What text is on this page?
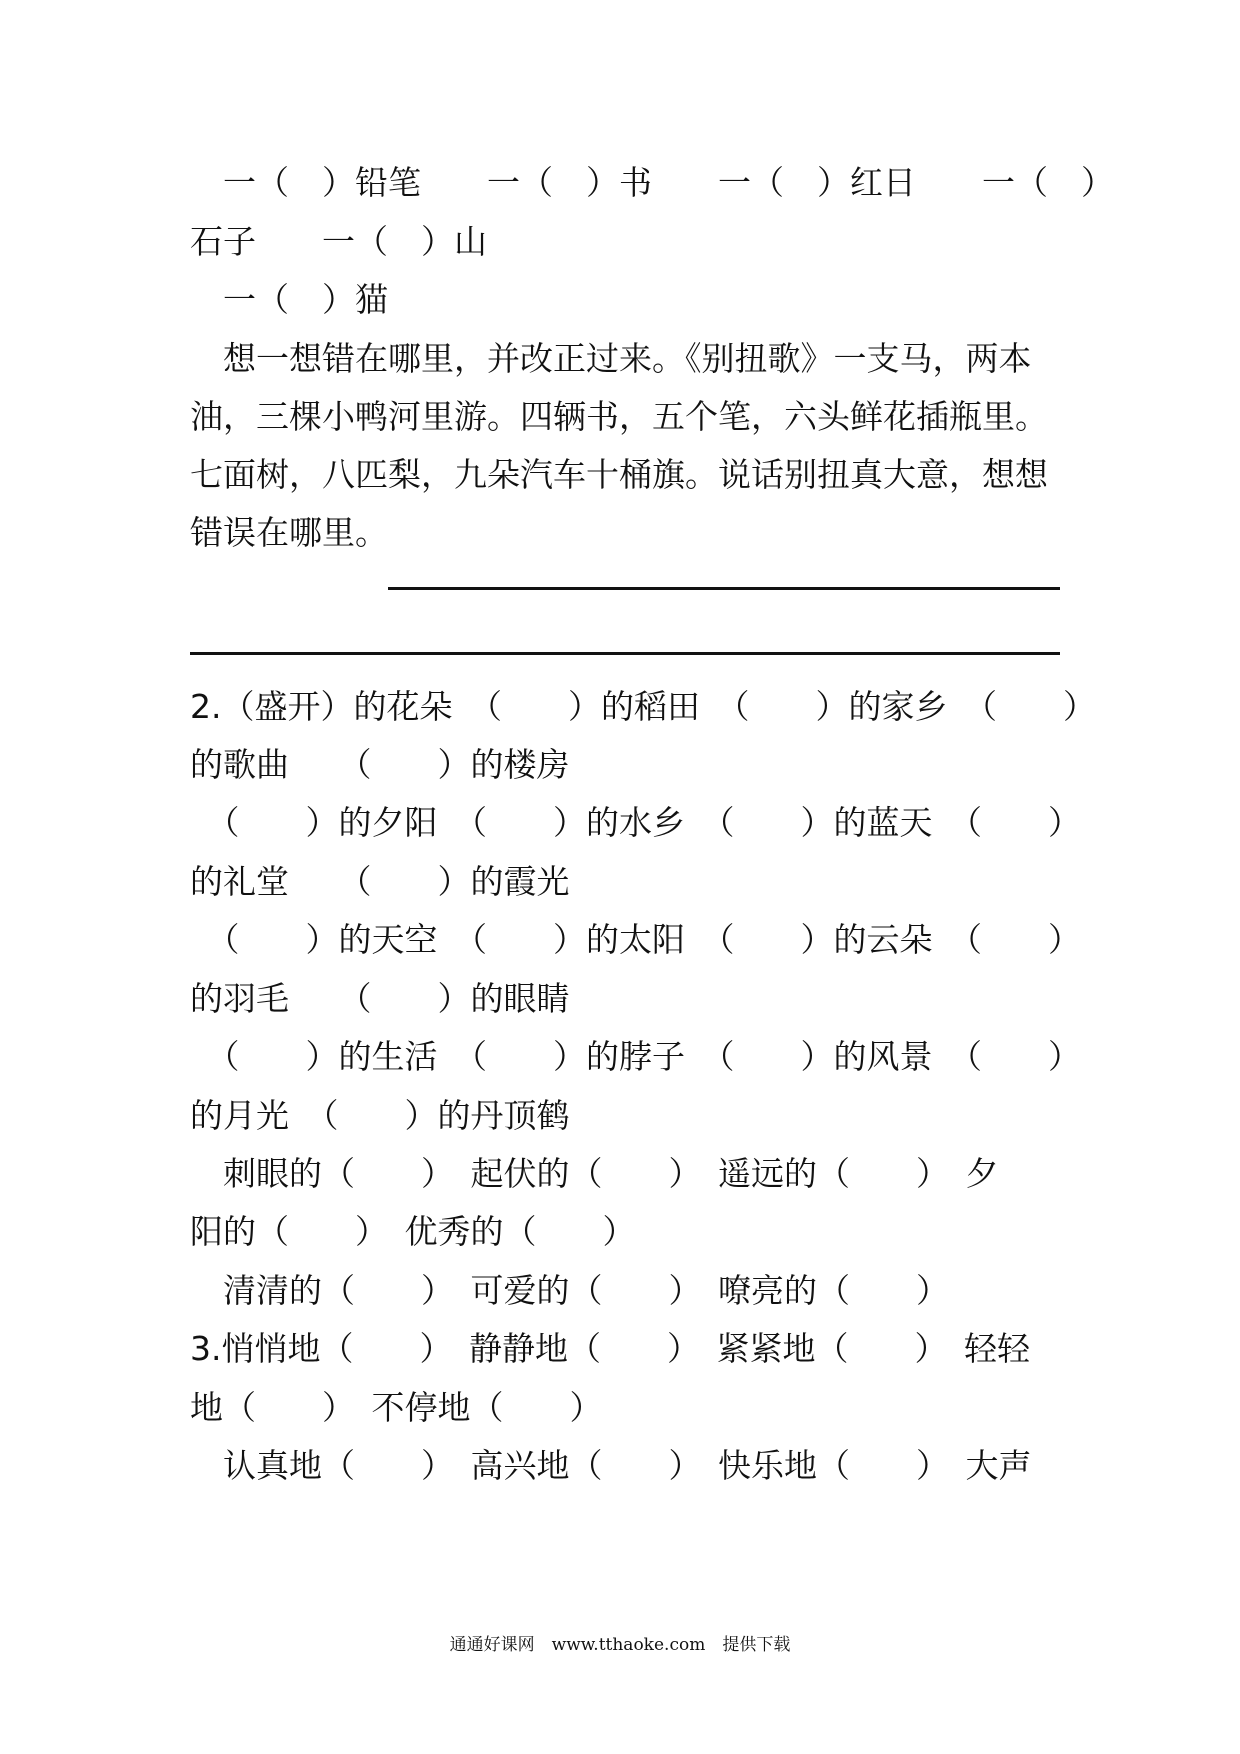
　一（　）铅笔　　一（　）书　　一（　）红日　　一（　）
石子　　一（　）山
　一（　）猫
　想一想错在哪里，并改正过来。《别扭歌》一支马，两本
油，三棵小鸭河里游。四辆书，五个笔，六头鲜花插瓶里。
七面树，八匹梨，九朵汽车十桶旗。说话别扭真大意，想想
错误在哪里。
2.（盛开）的花朵　（　　）的稻田　（　　）的家乡　（　　）
的歌曲　　（　　）的楼房
　（　　）的夕阳　（　　）的水乡　（　　）的蓝天　（　　）
的礼堂　　（　　）的霞光
　（　　）的天空　（　　）的太阳　（　　）的云朵　（　　）
的羽毛　　（　　）的眼睛
　（　　）的生活　（　　）的脖子　（　　）的风景　（　　）
的月光　（　　）的丹顶鹤
　刺眼的（　　）　起伏的（　　）　遥远的（　　）　夕
阳的（　　）　优秀的（　　）
　清清的（　　）　可爱的（　　）　嘹亮的（　　）
3.悄悄地（　　）　静静地（　　）　紧紧地（　　）　轻轻
地（　　）　不停地（　　）
　认真地（　　）　高兴地（　　）　快乐地（　　）　大声
通通好课网　www.tthaoke.com　提供下载
